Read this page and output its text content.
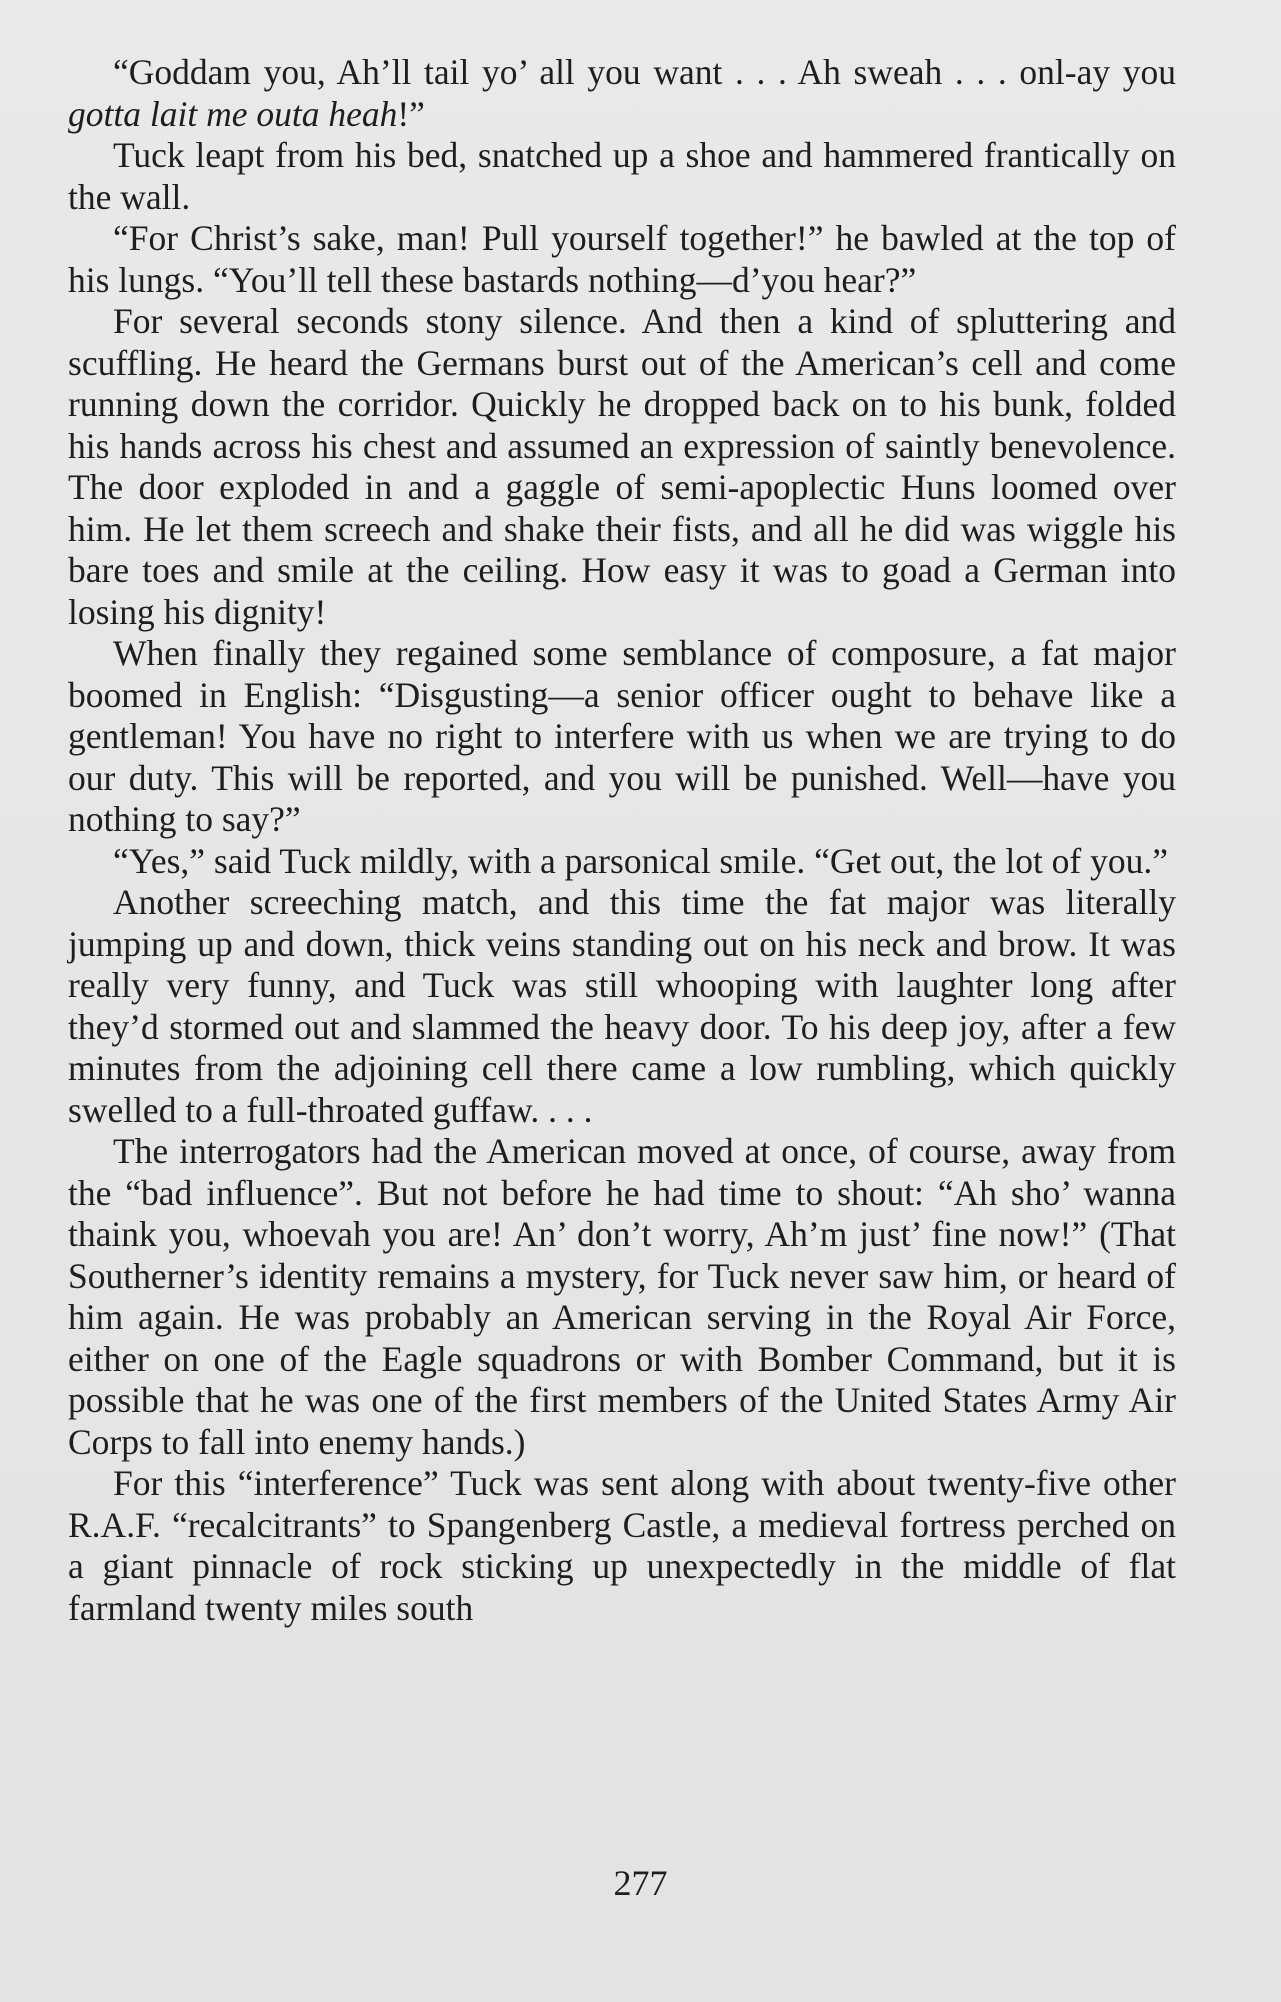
“Goddam you, Ah’ll tail yo’ all you want . . . Ah sweah . . . onl-ay you gotta lait me outa heah!”

Tuck leapt from his bed, snatched up a shoe and hammered frantically on the wall.

“For Christ’s sake, man! Pull yourself together!” he bawled at the top of his lungs. “You’ll tell these bastards nothing—d’you hear?”

For several seconds stony silence. And then a kind of spluttering and scuffling. He heard the Germans burst out of the American’s cell and come running down the corridor. Quickly he dropped back on to his bunk, folded his hands across his chest and assumed an expression of saintly benevolence. The door exploded in and a gaggle of semi-apoplectic Huns loomed over him. He let them screech and shake their fists, and all he did was wiggle his bare toes and smile at the ceiling. How easy it was to goad a German into losing his dignity!

When finally they regained some semblance of composure, a fat major boomed in English: “Disgusting—a senior officer ought to behave like a gentleman! You have no right to interfere with us when we are trying to do our duty. This will be reported, and you will be punished. Well—have you nothing to say?”

“Yes,” said Tuck mildly, with a parsonical smile. “Get out, the lot of you.”

Another screeching match, and this time the fat major was literally jumping up and down, thick veins standing out on his neck and brow. It was really very funny, and Tuck was still whooping with laughter long after they’d stormed out and slammed the heavy door. To his deep joy, after a few minutes from the adjoining cell there came a low rumbling, which quickly swelled to a full-throated guffaw. . . .

The interrogators had the American moved at once, of course, away from the “bad influence”. But not before he had time to shout: “Ah sho’ wanna thaink you, whoevah you are! An’ don’t worry, Ah’m just’ fine now!” (That Southerner’s identity remains a mystery, for Tuck never saw him, or heard of him again. He was probably an American serving in the Royal Air Force, either on one of the Eagle squadrons or with Bomber Command, but it is possible that he was one of the first members of the United States Army Air Corps to fall into enemy hands.)

For this “interference” Tuck was sent along with about twenty-five other R.A.F. “recalcitrants” to Spangenberg Castle, a medieval fortress perched on a giant pinnacle of rock sticking up unexpectedly in the middle of flat farmland twenty miles south

277
